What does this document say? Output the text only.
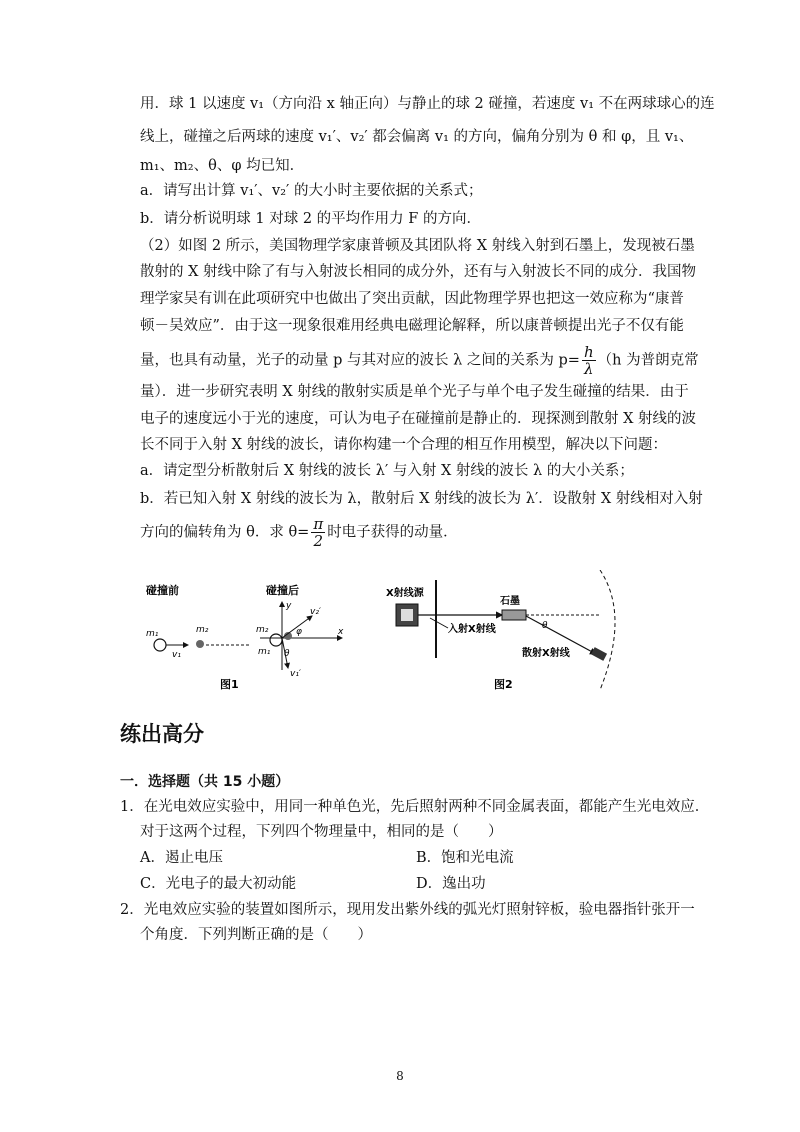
用．球 1 以速度 v₁（方向沿 x 轴正向）与静止的球 2 碰撞，若速度 v₁ 不在两球球心的连
线上，碰撞之后两球的速度 v₁′、v₂′ 都会偏离 v₁ 的方向，偏角分别为 θ 和 φ，且 v₁、
m₁、m₂、θ、φ 均已知．
a．请写出计算 v₁′、v₂′ 的大小时主要依据的关系式；
b．请分析说明球 1 对球 2 的平均作用力 F 的方向．
（2）如图 2 所示，美国物理学家康普顿及其团队将 X 射线入射到石墨上，发现被石墨
散射的 X 射线中除了有与入射波长相同的成分外，还有与入射波长不同的成分．我国物
理学家吴有训在此项研究中也做出了突出贡献，因此物理学界也把这一效应称为“康普
顿－吴效应”．由于这一现象很难用经典电磁理论解释，所以康普顿提出光子不仅有能
量，也具有动量，光子的动量 p 与其对应的波长 λ 之间的关系为 $p= \frac{h}{\lambda} (h$ 为普朗克常
量）．进一步研究表明 X 射线的散射实质是单个光子与单个电子发生碰撞的结果．由于
电子的速度远小于光的速度，可认为电子在碰撞前是静止的．现探测到散射 X 射线的波
长不同于入射 X 射线的波长，请你构建一个合理的相互作用模型，解决以下问题：
a．请定型分析散射后 X 射线的波长 λ′ 与入射 X 射线的波长 λ 的大小关系；
b．若已知入射 X 射线的波长为 λ，散射后 X 射线的波长为 λ′．设散射 X 射线相对入射
方向的偏转角为 θ．求 $\theta= \frac{\pi}{2}$ 时电子获得的动量．
碰撞前
m₁	m₂
v₁
碰撞后
y
x
v₂′
v₁′
φ
θ
m₁
m₂
图1
X射线源
石墨
θ
入射X射线
散射X射线
图2
练出高分
一．选择题（共 15 小题）
1．在光电效应实验中，用同一种单色光，先后照射两种不同金属表面，都能产生光电效应．
对于这两个过程，下列四个物理量中，相同的是（　　）
A．遏止电压	B．饱和光电流
C．光电子的最大初动能	D．逸出功
2．光电效应实验的装置如图所示，现用发出紫外线的弧光灯照射锌板，验电器指针张开一
个角度．下列判断正确的是（　　）
8
